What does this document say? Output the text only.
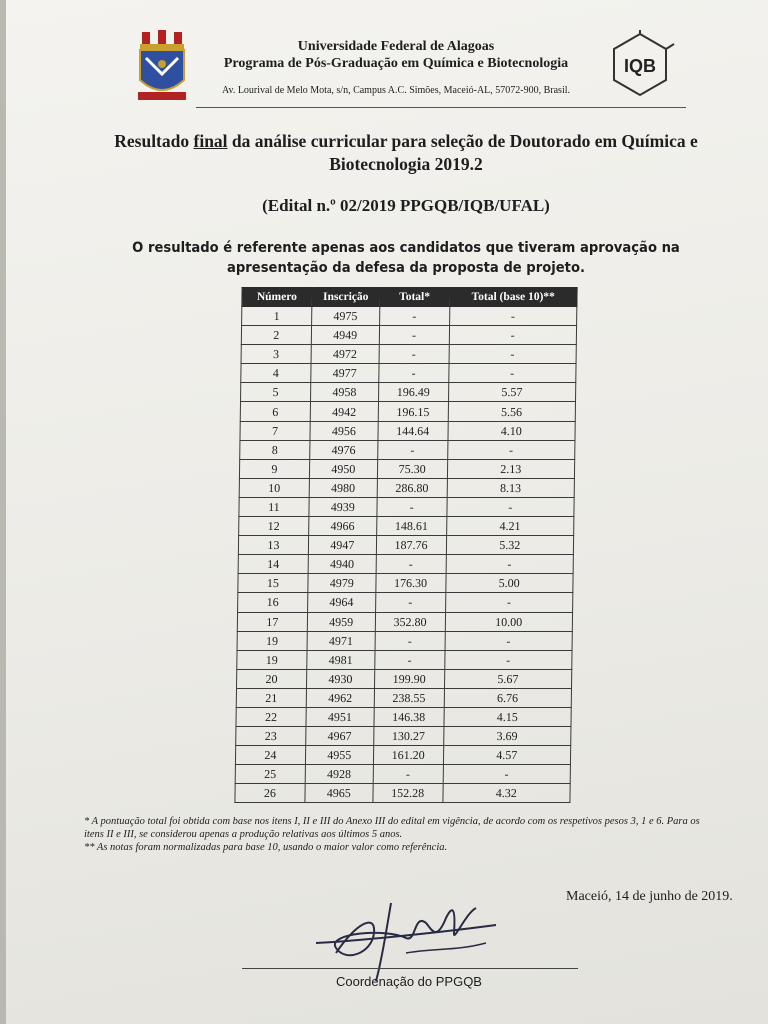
Universidade Federal de Alagoas
Programa de Pós-Graduação em Química e Biotecnologia
Av. Lourival de Melo Mota, s/n, Campus A.C. Simões, Maceió-AL, 57072-900, Brasil.
IQB
Resultado final da análise curricular para seleção de Doutorado em Química e Biotecnologia 2019.2
(Edital n.º 02/2019 PPGQB/IQB/UFAL)
O resultado é referente apenas aos candidatos que tiveram aprovação na apresentação da defesa da proposta de projeto.
Número	Inscrição	Total*	Total (base 10)**
1	4975	-	-
2	4949	-	-
3	4972	-	-
4	4977	-	-
5	4958	196.49	5.57
6	4942	196.15	5.56
7	4956	144.64	4.10
8	4976	-	-
9	4950	75.30	2.13
10	4980	286.80	8.13
11	4939	-	-
12	4966	148.61	4.21
13	4947	187.76	5.32
14	4940	-	-
15	4979	176.30	5.00
16	4964	-	-
17	4959	352.80	10.00
19	4971	-	-
19	4981	-	-
20	4930	199.90	5.67
21	4962	238.55	6.76
22	4951	146.38	4.15
23	4967	130.27	3.69
24	4955	161.20	4.57
25	4928	-	-
26	4965	152.28	4.32
* A pontuação total foi obtida com base nos itens I, II e III do Anexo III do edital em vigência, de acordo com os respetivos pesos 3, 1 e 6. Para os itens II e III, se considerou apenas a produção relativas aos últimos 5 anos.
** As notas foram normalizadas para base 10, usando o maior valor como referência.
Maceió, 14 de junho de 2019.
Coordenação do PPGQB
